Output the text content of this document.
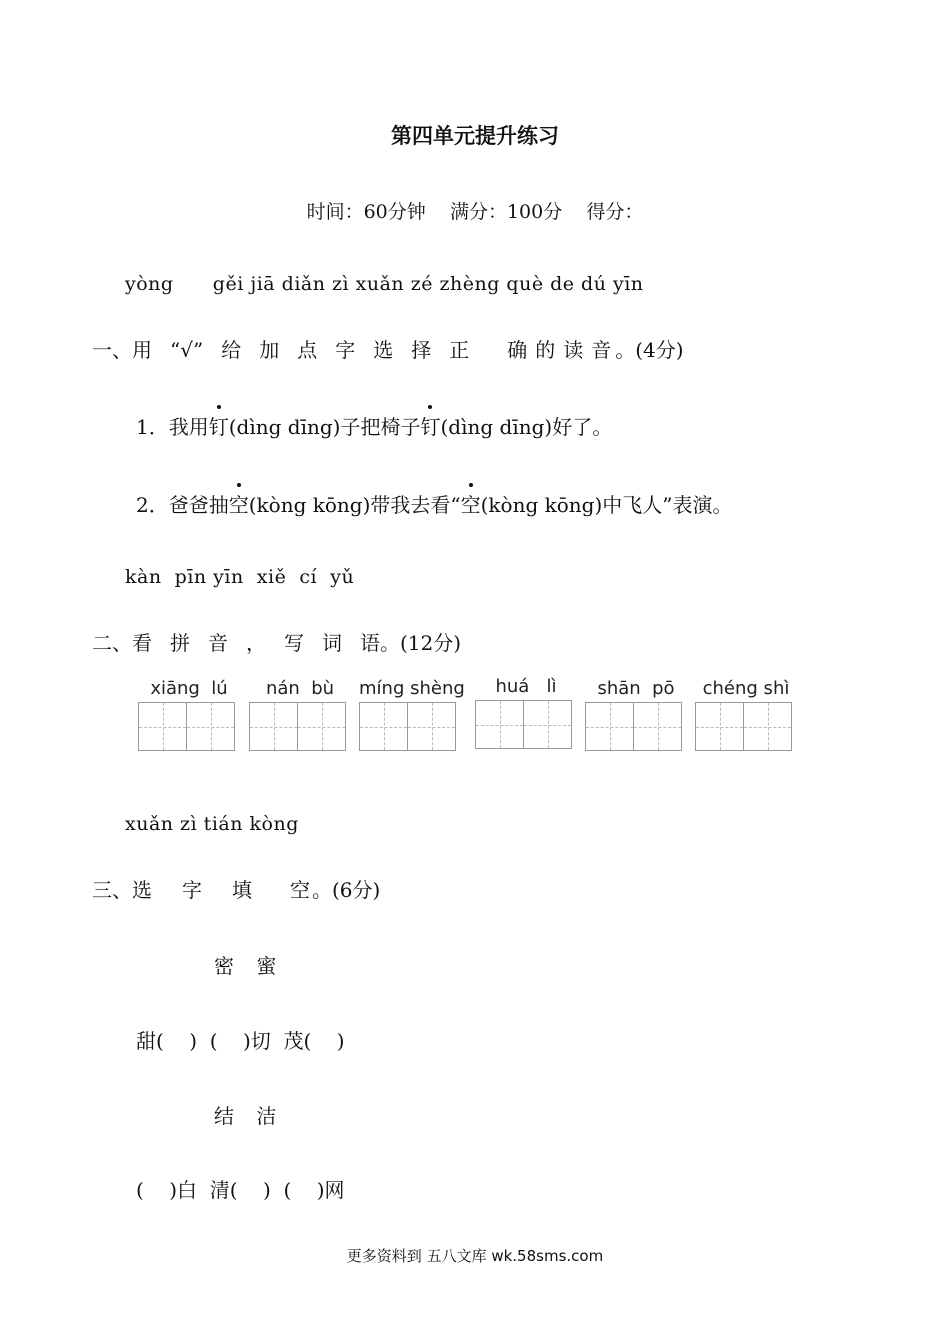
第四单元提升练习
时间：60分钟 满分：100分 得分：
yòng      gěi jiā diǎn zì xuǎn zé zhèng què de dú yīn
一、用 “√” 给 加 点 字 选 择 正 确 的 读 音 。(4分)
1．我用钉(dìng dīng)子把椅子钉(dìng dīng)好了。
2．爸爸抽空(kòng kōng)带我去看“空(kòng kōng)中飞人”表演。
kàn  pīn yīn  xiě  cí  yǔ
二、看 拼 音 ， 写 词 语。(12分)
xiāng  lú	nán  bù	míng shèng	huá   lì	shān  pō	chéng shì
xuǎn zì tián kòng
三、选 字 填 空 。(6分)
密 蜜
甜(    )  (    )切  茂(    )
结 洁
(    )白  清(    )  (    )网
更多资料到 五八文库 wk.58sms.com
